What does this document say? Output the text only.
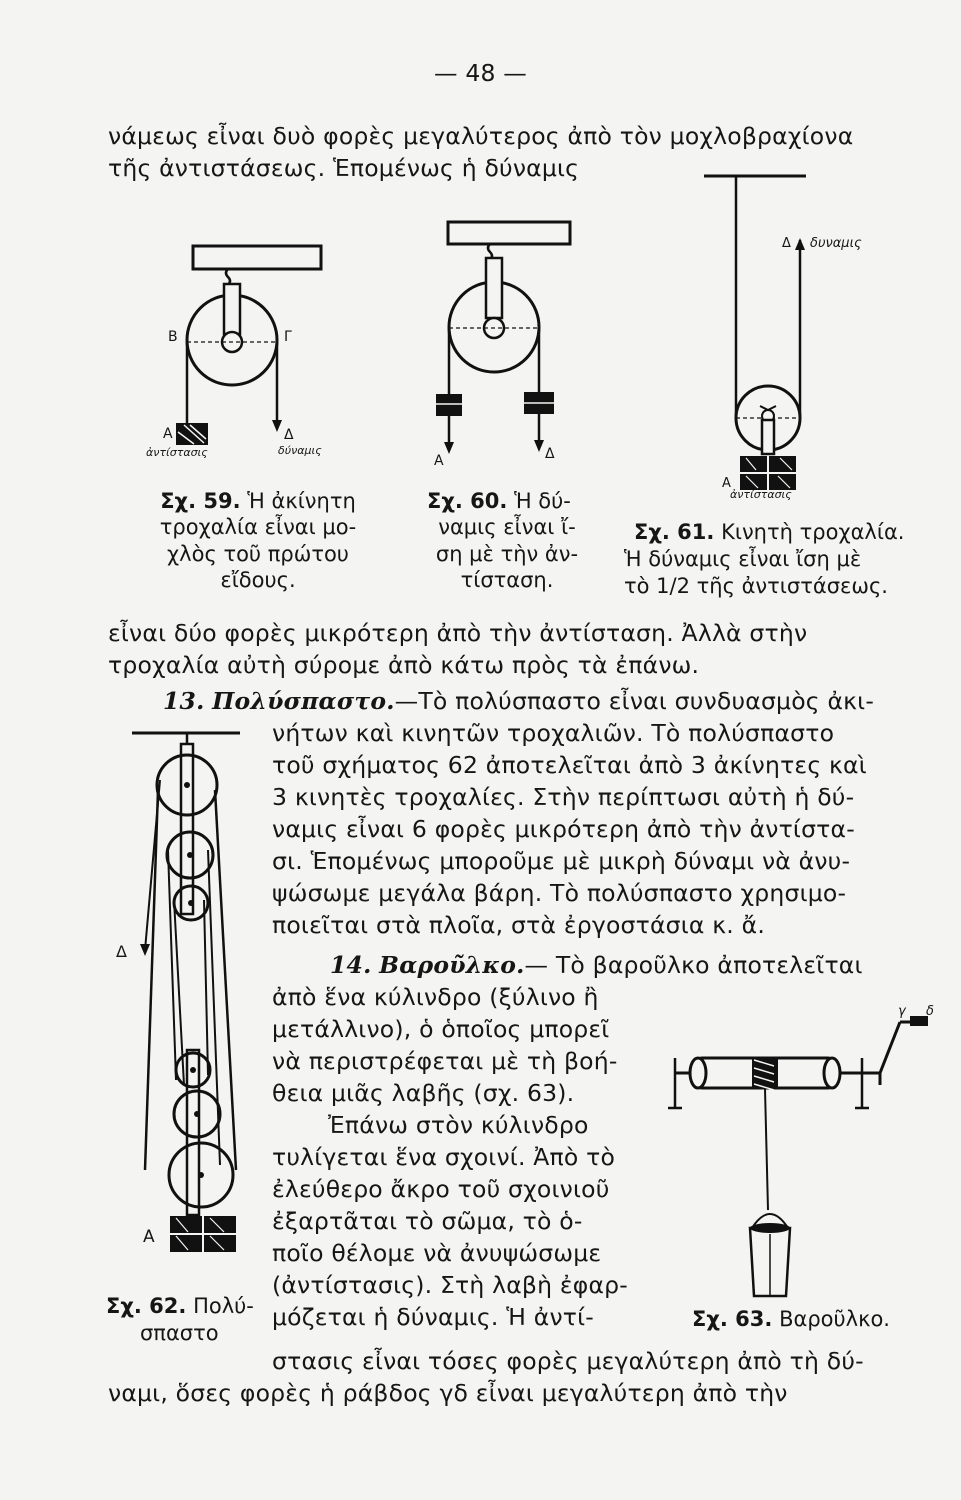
— 48 —
νάμεως εἶναι δυὸ φορὲς μεγαλύτερος ἀπὸ τὸν μοχλοβραχίονα
τῆς ἀντιστάσεως. Ἑπομένως ἡ δύναμις
B	Γ
A	Δ
ἀντίστασις	δύναμις
Σχ. 59. Ἡ ἀκίνητη
τροχαλία εἶναι μο-
χλὸς τοῦ πρώτου
εἴδους.
A	Δ
Σχ. 60. Ἡ δύ-
ναμις εἶναι ἴ-
ση μὲ τὴν ἀν-
τίσταση.
Δ δυναμις
A
ἀντίστασις
Σχ. 61. Κινητὴ τροχαλία.
Ἡ δύναμις εἶναι ἴση μὲ
τὸ 1/2 τῆς ἀντιστάσεως.
εἶναι δύο φορὲς μικρότερη ἀπὸ τὴν ἀντίσταση. Ἀλλὰ στὴν
τροχαλία αὐτὴ σύρομε ἀπὸ κάτω πρὸς τὰ ἐπάνω.
13. Πολύσπαστο.—Τὸ πολύσπαστο εἶναι συνδυασμὸς ἀκι-
νήτων καὶ κινητῶν τροχαλιῶν. Τὸ πολύσπαστο
τοῦ σχήματος 62 ἀποτελεῖται ἀπὸ 3 ἀκίνητες καὶ
3 κινητὲς τροχαλίες. Στὴν περίπτωσι αὐτὴ ἡ δύ-
ναμις εἶναι 6 φορὲς μικρότερη ἀπὸ τὴν ἀντίστα-
σι. Ἑπομένως μποροῦμε μὲ μικρὴ δύναμι νὰ ἀνυ-
ψώσωμε μεγάλα βάρη. Τὸ πολύσπαστο χρησιμο-
ποιεῖται στὰ πλοῖα, στὰ ἐργοστάσια κ. ἄ.
Δ
A
Σχ. 62. Πολύ-
σπαστο
14. Βαροῦλκο.— Τὸ βαροῦλκο ἀποτελεῖται
ἀπὸ ἕνα κύλινδρο (ξύλινο ἢ
μετάλλινο), ὁ ὁποῖος μπορεῖ
νὰ περιστρέφεται μὲ τὴ βοή-
θεια μιᾶς λαβῆς (σχ. 63).
Ἐπάνω στὸν κύλινδρο
τυλίγεται ἕνα σχοινί. Ἀπὸ τὸ
ἐλεύθερο ἄκρο τοῦ σχοινιοῦ
ἐξαρτᾶται τὸ σῶμα, τὸ ὁ-
ποῖο θέλομε νὰ ἀνυψώσωμε
(ἀντίστασις). Στὴ λαβὴ ἐφαρ-
μόζεται ἡ δύναμις. Ἡ ἀντί-
γ δ
Σχ. 63. Βαροῦλκο.
στασις εἶναι τόσες φορὲς μεγαλύτερη ἀπὸ τὴ δύ-
ναμι, ὅσες φορὲς ἡ ράβδος γδ εἶναι μεγαλύτερη ἀπὸ τὴν
